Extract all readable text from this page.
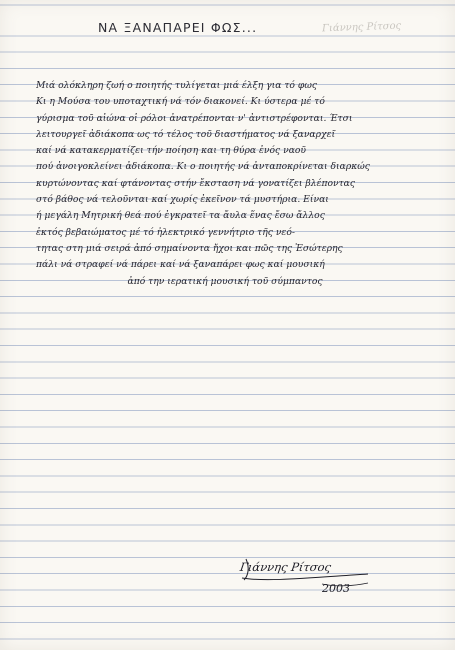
ΝΑ ΞΑΝΑΠΑΡΕΙ ΦΩΣ...	Γιάννης Ρίτσος
Μιά ολόκληρη ζωή ο ποιητής τυλίγεται μιά έλξη για τό φως
Κι η Μούσα του υποταχτική νά τόν διακονεί. Κι ύστερα μέ τό
γύρισμα τοῦ αἰώνα οἱ ρόλοι ἀνατρέπονται ν' ἀντιστρέφονται. Έτσι
λειτουργεῖ ἀδιάκοπα ως τό τέλος τοῦ διαστήματος νά ξαναρχεῖ
καί νά κατακερματίζει τήν ποίηση και τη θύρα ἐνός ναοῦ
πού ἀνοιγοκλείνει ἀδιάκοπα. Κι ο ποιητής νά ἀνταποκρίνεται διαρκώς
κυρτώνοντας καί φτάνοντας στήν ἔκσταση νά γονατίζει βλέποντας
στό βάθος νά τελοῦνται καί χωρίς ἐκεῖνον τά μυστήρια. Είναι
ή μεγάλη Μητρική θεά πού ἐγκρατεῖ τα ἄυλα ἕνας ἔσω ἄλλος
ἐκτός βεβαιώματος μέ τό ἠλεκτρικό γεννήτριο τῆς νεό-
τητας στη μιά σειρά ἀπό σημαίνοντα ἤχοι και πῶς της Ἐσώτερης
πάλι νά στραφεί νά πάρει καί νά ξαναπάρει φως καί μουσική
ἀπό την ιερατική μουσική τοῦ σύμπαντος
Γιάννης Ρίτσος
2003
